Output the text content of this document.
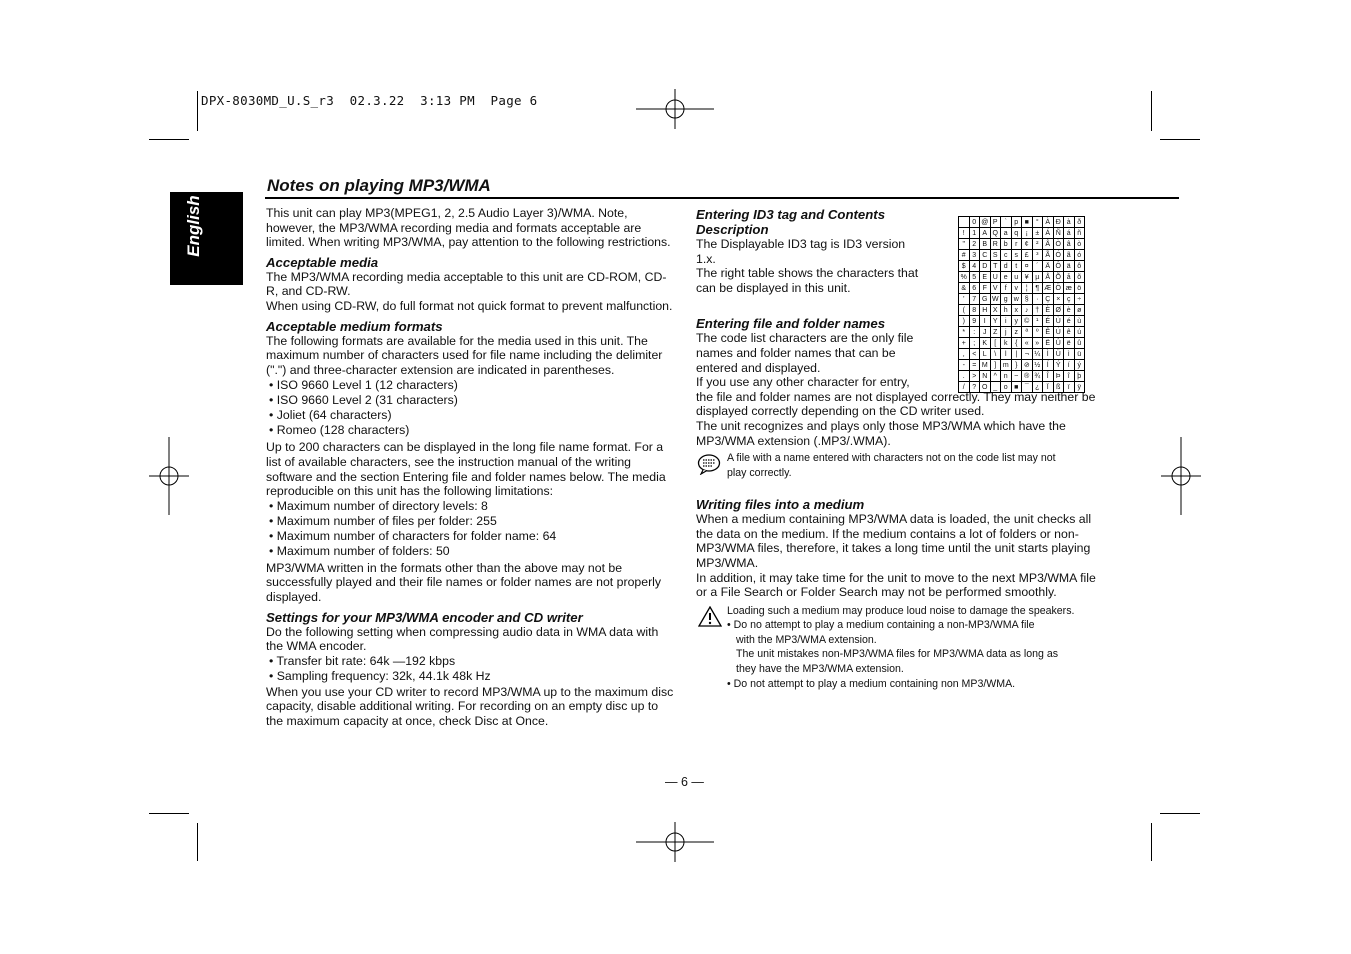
DPX-8030MD_U.S_r3  02.3.22  3:13 PM  Page 6
English
Notes on playing MP3/WMA

This unit can play MP3(MPEG1, 2, 2.5 Audio Layer 3)/WMA. Note, however, the MP3/WMA recording media and formats acceptable are limited. When writing MP3/WMA, pay attention to the following restrictions.

Acceptable media

The MP3/WMA recording media acceptable to this unit are CD-ROM, CD-R, and CD-RW.

When using CD-RW, do full format not quick format to prevent malfunction.

Acceptable medium formats

The following formats are available for the media used in this unit. The maximum number of characters used for file name including the delimiter (".") and three-character extension are indicated in parentheses.

• ISO 9660 Level 1 (12 characters)
• ISO 9660 Level 2 (31 characters)
• Joliet (64 characters)
• Romeo (128 characters)

Up to 200 characters can be displayed in the long file name format. For a list of available characters, see the instruction manual of the writing software and the section Entering file and folder names below. The media reproducible on this unit has the following limitations:

• Maximum number of directory levels: 8
• Maximum number of files per folder: 255
• Maximum number of characters for folder name: 64
• Maximum number of folders: 50

MP3/WMA written in the formats other than the above may not be successfully played and their file names or folder names are not properly displayed.

Settings for your MP3/WMA encoder and CD writer

Do the following setting when compressing audio data in WMA data with the WMA encoder.

• Transfer bit rate: 64k —192 kbps
• Sampling frequency: 32k, 44.1k 48k Hz

When you use your CD writer to record MP3/WMA up to the maximum disc capacity, disable additional writing. For recording on an empty disc up to the maximum capacity at once, check Disc at Once.

Entering ID3 tag and Contents
Description

The Displayable ID3 tag is ID3 version 1.x.

The right table shows the characters that can be displayed in this unit.

Entering file and folder names

The code list characters are the only file names and folder names that can be entered and displayed.

If you use any other character for entry,

the file and folder names are not displayed correctly. They may neither be displayed correctly depending on the CD writer used.

The unit recognizes and plays only those MP3/WMA which have the MP3/WMA extension (.MP3/.WMA).

A file with a name entered with characters not on the code list may not
play correctly.
Writing files into a medium

When a medium containing MP3/WMA data is loaded, the unit checks all the data on the medium. If the medium contains a lot of folders or non-MP3/WMA files, therefore, it takes a long time until the unit starts playing MP3/WMA.

In addition, it may take time for the unit to move to the next MP3/WMA file or a File Search or Folder Search may not be performed smoothly.

Loading such a medium may produce loud noise to damage the speakers.
• Do no attempt to play a medium containing a non-MP3/WMA file
with the MP3/WMA extension.
The unit mistakes non-MP3/WMA files for MP3/WMA data as long as
they have the MP3/WMA extension.
• Do not attempt to play a medium containing non MP3/WMA.
	0	@	P	`	p	■	°	À	Ð	à	ð
!	1	A	Q	a	q	¡	±	Á	Ñ	á	ñ
"	2	B	R	b	r	¢	²	Â	Ò	â	ò
#	3	C	S	c	s	£	³	Ã	Ó	ã	ó
$	4	D	T	d	t	¤	´	Ä	Ô	ä	ô
%	5	E	U	e	u	¥	µ	Å	Õ	å	õ
&	6	F	V	f	v	¦	¶	Æ	Ö	æ	ö
'	7	G	W	g	w	§	·	Ç	×	ç	÷
(	8	H	X	h	x	♪	†	È	Ø	è	ø
)	9	I	Y	i	y	©	¹	É	Ù	é	ù
*	:	J	Z	j	z	ª	º	Ê	Ú	ê	ú
+	;	K	[	k	{	«	»	Ë	Û	ë	û
,	<	L	\	l	|	¬	¼	Ì	Ü	ì	ü
-	=	M	]	m	}	⊘	½	Í	Ý	í	ý
.	>	N	^	n	~	®	¾	Î	Þ	î	þ
/	?	O	_	o	■	¯	¿	Ï	ß	ï	ÿ
— 6 —
